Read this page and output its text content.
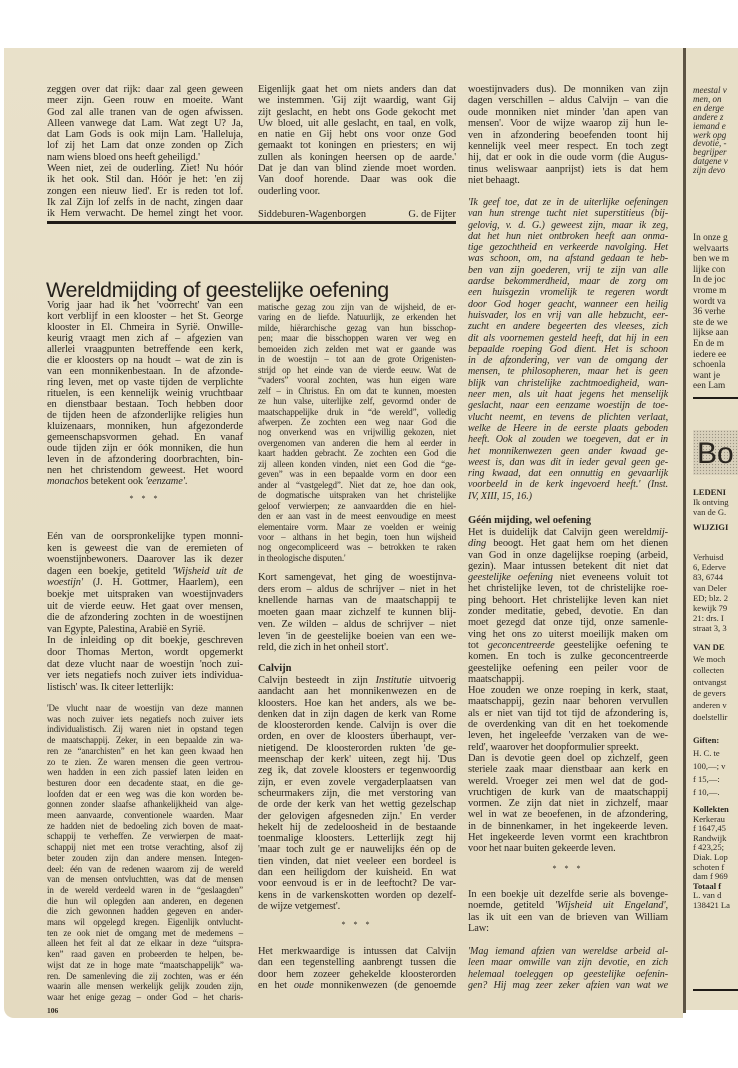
zeggen over dat rijk: daar zal geen geween
meer zijn. Geen rouw en moeite. Want
God zal alle tranen van de ogen afwissen.
Alleen vanwege dat Lam. Wat zegt U? Ja,
dat Lam Gods is ook mijn Lam. 'Halleluja,
lof zij het Lam dat onze zonden op Zich
nam wiens bloed ons heeft geheiligd.'
Ween niet, zei de ouderling. Ziet! Nu hóór
ik het ook. Stil dan. Hóór je het: 'en zij
zongen een nieuw lied'. Er is reden tot lof.
Ik zal Zijn lof zelfs in de nacht, zingen daar
ik Hem verwacht. De hemel zingt het voor.
Eigenlijk gaat het om niets anders dan dat
we instemmen. 'Gij zijt waardig, want Gij
zijt geslacht, en hebt ons Gode gekocht met
Uw bloed, uit alle geslacht, en taal, en volk,
en natie en Gij hebt ons voor onze God
gemaakt tot koningen en priesters; en wij
zullen als koningen heersen op de aarde.'
Dat je dan van blind ziende moet worden.
Van doof horende. Daar was ook die
ouderling voor.
Siddeburen-Wagenborgen	G. de Fijter
Wereldmijding of geestelijke oefening
Vorig jaar had ik het 'voorrecht' van een
kort verblijf in een klooster – het St. George
klooster in El. Chmeira in Syrië. Onwille-
keurig vraagt men zich af – afgezien van
allerlei vraagpunten betreffende een kerk,
die er kloosters op na houdt – wat de zin is
van een monnikenbestaan. In de afzonde-
ring leven, met op vaste tijden de verplichte
rituelen, is een kennelijk weinig vruchtbaar
en dienstbaar bestaan. Toch hebben door
de tijden heen de afzonderlijke religies hun
kluizenaars, monniken, hun afgezonderde
gemeenschapsvormen gehad. En vanaf
oude tijden zijn er óók monniken, die hun
leven in de afzondering doorbrachten, bin-
nen het christendom geweest. Het woord
monachos betekent ook 'eenzame'.
* * *
Eén van de oorspronkelijke typen monni-
ken is geweest die van de eremieten of
woenstijnbewoners. Daarover las ik dezer
dagen een boekje, getiteld 'Wijsheid uit de
woestijn' (J. H. Gottmer, Haarlem), een
boekje met uitspraken van woestijnvaders
uit de vierde eeuw. Het gaat over mensen,
die de afzondering zochten in de woestijnen
van Egypte, Palestina, Arabië en Syrië.
In de inleiding op dit boekje, geschreven
door Thomas Merton, wordt opgemerkt
dat deze vlucht naar de woestijn 'noch zui-
ver iets negatiefs noch zuiver iets individua-
listisch' was. Ik citeer letterlijk:
'De vlucht naar de woestijn van deze mannen
was noch zuiver iets negatiefs noch zuiver iets
individualistisch. Zij waren niet in opstand tegen
de maatschappij. Zeker, in een bepaalde zin wa-
ren ze “anarchisten” en het kan geen kwaad hen
zo te zien. Ze waren mensen die geen vertrou-
wen hadden in een zich passief laten leiden en
besturen door een decadente staat, en die ge-
loofden dat er een weg was die kon worden be-
gonnen zonder slaafse afhankelijkheid van alge-
meen aanvaarde, conventionele waarden. Maar
ze hadden niet de bedoeling zich boven de maat-
schappij te verheffen. Ze verwierpen de maat-
schappij niet met een trotse verachting, alsof zij
beter zouden zijn dan andere mensen. Integen-
deel: één van de redenen waarom zij de wereld
van de mensen ontvluchtten, was dat de mensen
in de wereld verdeeld waren in de “geslaagden”
die hun wil oplegden aan anderen, en degenen
die zich gewonnen hadden gegeven en ander-
mans wil opgelegd kregen. Eigenlijk ontvlucht-
ten ze ook niet de omgang met de medemens –
alleen het feit al dat ze elkaar in deze “uitspra-
ken” raad gaven en probeerden te helpen, be-
wijst dat ze in hoge mate “maatschappelijk” wa-
ren. De samenleving die zij zochten, was er één
waarin alle mensen werkelijk gelijk zouden zijn,
waar het enige gezag – onder God – het charis-
106
matische gezag zou zijn van de wijsheid, de er-
varing en de liefde. Natuurlijk, ze erkenden het
milde, hiërarchische gezag van hun bisschop-
pen; maar die bisschoppen waren ver weg en
bemoeiden zich zelden met wat er gaande was
in de woestijn – tot aan de grote Origenisten-
strijd op het einde van de vierde eeuw. Wat de
“vaders” vooral zochten, was hun eigen ware
zelf – in Christus. En om dat te kunnen, moesten
ze hun valse, uiterlijke zelf, gevormd onder de
maatschappelijke druk in “de wereld”, volledig
afwerpen. Ze zochten een weg naar God die
nog onverkend was en vrijwillig gekozen, niet
overgenomen van anderen die hem al eerder in
kaart hadden gebracht. Ze zochten een God die
zij alleen konden vinden, niet een God die “ge-
geven” was in een bepaalde vorm en door een
ander al “vastgelegd”. Niet dat ze, hoe dan ook,
de dogmatische uitspraken van het christelijke
geloof verwierpen; ze aanvaardden die en hiel-
den er aan vast in de meest eenvoudige en meest
elementaire vorm. Maar ze voelden er weinig
voor – althans in het begin, toen hun wijsheid
nog ongecompliceerd was – betrokken te raken
in theologische disputen.'
Kort samengevat, het ging de woestijnva-
ders erom – aldus de schrijver – niet in het
knellende harnas van de maatschappij te
moeten gaan maar zichzelf te kunnen blij-
ven. Ze wilden – aldus de schrijver – niet
leven 'in de geestelijke boeien van een we-
reld, die zich in het onheil stort'.
Calvijn
Calvijn besteedt in zijn Institutie uitvoerig
aandacht aan het monnikenwezen en de
kloosters. Hoe kan het anders, als we be-
denken dat in zijn dagen de kerk van Rome
de kloosterorden kende. Calvijn is over die
orden, en over de kloosters überhaupt, ver-
nietigend. De kloosterorden rukten 'de ge-
meenschap der kerk' uiteen, zegt hij. 'Dus
zeg ik, dat zovele kloosters er tegenwoordig
zijn, er even zovele vergaderplaatsen van
scheurmakers zijn, die met verstoring van
de orde der kerk van het wettig gezelschap
der gelovigen afgesneden zijn.' En verder
hekelt hij de zedeloosheid in de bestaande
toenmalige kloosters. Letterlijk zegt hij
'maar toch zult ge er nauwelijks één op de
tien vinden, dat niet veeleer een bordeel is
dan een heiligdom der kuisheid. En wat
voor eenvoud is er in de leeftocht? De var-
kens in de varkenskotten worden op dezelf-
de wijze vetgemest'.
* * *
Het merkwaardige is intussen dat Calvijn
dan een tegenstelling aanbrengt tussen die
door hem zozeer gehekelde kloosterorden
en het oude monnikenwezen (de genoemde
woestijnvaders dus). De monniken van zijn
dagen verschillen – aldus Calvijn – van die
oude monniken niet minder 'dan apen van
mensen'. Voor de wijze waarop zij hun le-
ven in afzondering beoefenden toont hij
kennelijk veel meer respect. En toch zegt
hij, dat er ook in die oude vorm (die Augus-
tinus weliswaar aanprijst) iets is dat hem
niet behaagt.
'Ik geef toe, dat ze in de uiterlijke oefeningen
van hun strenge tucht niet superstitieus (bij-
gelovig, v. d. G.) geweest zijn, maar ik zeg,
dat het hun niet ontbroken heeft aan onma-
tige gezochtheid en verkeerde navolging. Het
was schoon, om, na afstand gedaan te heb-
ben van zijn goederen, vrij te zijn van alle
aardse bekommerdheid, maar de zorg om
een huisgezin vromelijk te regeren wordt
door God hoger geacht, wanneer een heilig
huisvader, los en vrij van alle hebzucht, eer-
zucht en andere begeerten des vleeses, zich
dit als voornemen gesteld heeft, dat hij in een
bepaalde roeping God dient. Het is schoon
in de afzondering, ver van de omgang der
mensen, te philosopheren, maar het is geen
blijk van christelijke zachtmoedigheid, wan-
neer men, als uit haat jegens het menselijk
geslacht, naar een eenzame woestijn de toe-
vlucht neemt, en tevens de plichten verlaat,
welke de Heere in de eerste plaats geboden
heeft. Ook al zouden we toegeven, dat er in
het monnikenwezen geen ander kwaad ge-
weest is, dan was dit in ieder geval geen ge-
ring kwaad, dat een onnuttig en gevaarlijk
voorbeeld in de kerk ingevoerd heeft.' (Inst.
IV, XIII, 15, 16.)
Géén mijding, wel oefening
Het is duidelijk dat Calvijn geen wereldmij-
ding beoogt. Het gaat hem om het dienen
van God in onze dagelijkse roeping (arbeid,
gezin). Maar intussen betekent dit niet dat
geestelijke oefening niet eveneens voluit tot
het christelijke leven, tot de christelijke roe-
ping behoort. Het christelijke leven kan niet
zonder meditatie, gebed, devotie. En dan
moet gezegd dat onze tijd, onze samenle-
ving het ons zo uiterst moeilijk maken om
tot geconcentreerde geestelijke oefening te
komen. En toch is zulke geconcentreerde
geestelijke oefening een peiler voor de
maatschappij.
Hoe zouden we onze roeping in kerk, staat,
maatschappij, gezin naar behoren vervullen
als er niet van tijd tot tijd de afzondering is,
de overdenking van dit en het toekomende
leven, het ingeleefde 'verzaken van de we-
reld', waarover het doopformulier spreekt.
Dan is devotie geen doel op zichzelf, geen
steriele zaak maar dienstbaar aan kerk en
wereld. Vroeger zei men wel dat de god-
vruchtigen de kurk van de maatschappij
vormen. Ze zijn dat niet in zichzelf, maar
wel in wat ze beoefenen, in de afzondering,
in de binnenkamer, in het ingekeerde leven.
Het ingekeerde leven vormt een krachtbron
voor het naar buiten gekeerde leven.
* * *
In een boekje uit dezelfde serie als bovenge-
noemde, getiteld 'Wijsheid uit Engeland',
las ik uit een van de brieven van William
Law:
'Mag iemand afzien van wereldse arbeid al-
leen maar omwille van zijn devotie, en zich
helemaal toeleggen op geestelijke oefenin-
gen? Hij mag zeer zeker afzien van wat we
meestal v
men, on
en derge
andere z
iemand e
werk opg
devotie, -
begrijper
datgene v
zijn devo
In onze g
welvaarts
ben we m
lijke con
In de joc
vrome m
wordt va
36 verhe
ste de we
lijkse aan
En de m
iedere ee
schoenla
want je
een Lam
Bo
LEDENI
Ik ontving
van de G.
WIJZIGI
Verhuisd
6, Ederve
83, 6744
van Deler
ED; blz. 2
kewijk 79
21: drs. I
straat 3, 3
VAN DE
We moch
collecten
ontvangst
de gevers
anderen v
doelstellir
Giften:
H. C. te
100,—; v
f 15,—:
f 10,—.
Kollekten
Kerkerau
f 1647,45
Randwijk
f 423,25;
Diak. Lop
schoten f
dam f 969
Totaal f
L. van d
138421 La
